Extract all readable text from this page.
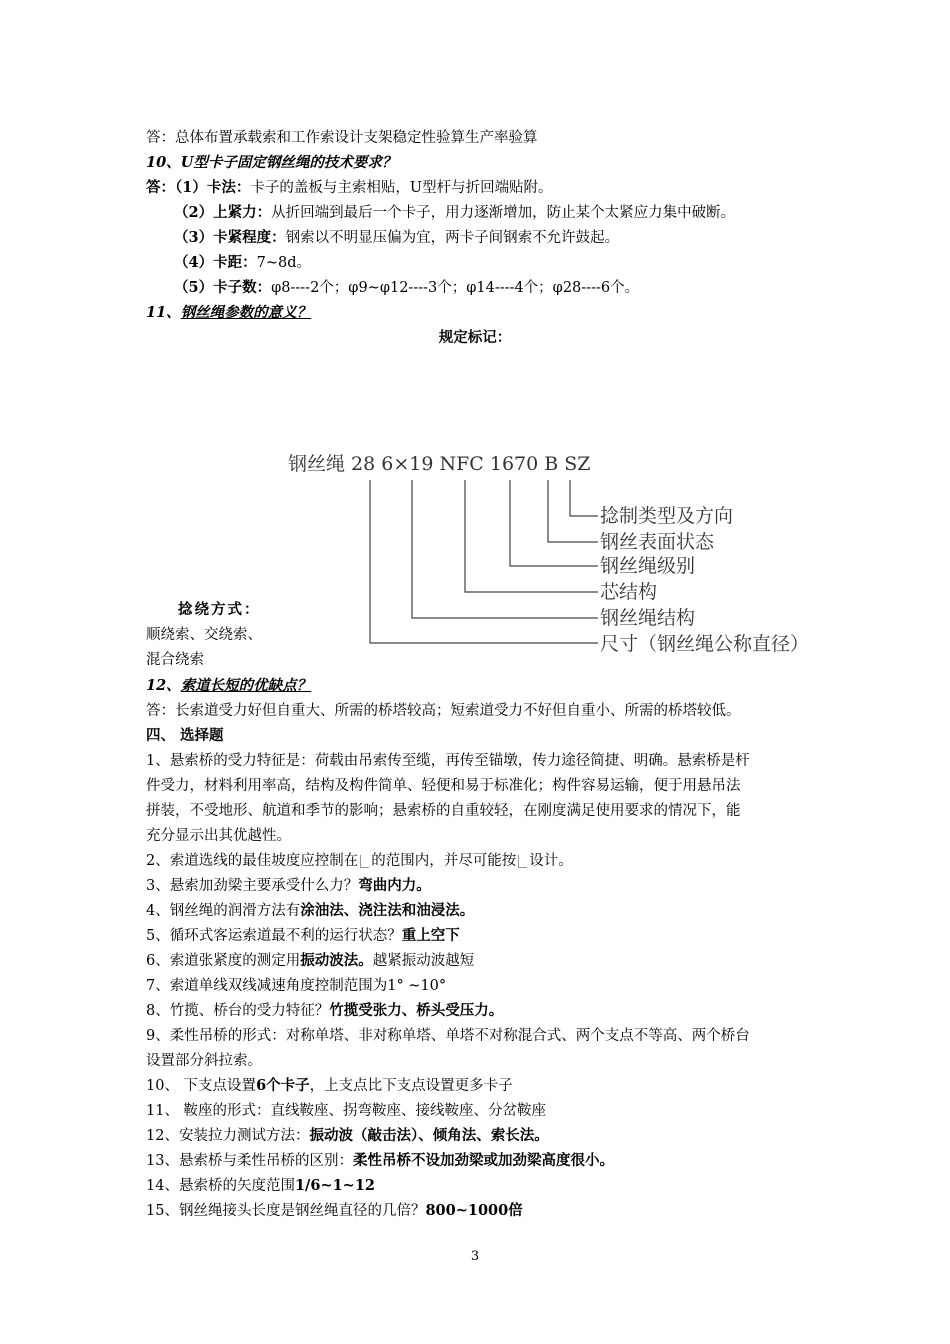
答：总体布置承载索和工作索设计支架稳定性验算生产率验算
10、U型卡子固定钢丝绳的技术要求？
答：（1）卡法：卡子的盖板与主索相贴，U型杆与折回端贴附。
（2）上紧力：从折回端到最后一个卡子，用力逐渐增加，防止某个太紧应力集中破断。
（3）卡紧程度：钢索以不明显压偏为宜，两卡子间钢索不允许鼓起。
（4）卡距：7~8d。
（5）卡子数：φ8----2个；φ9~φ12----3个；φ14----4个；φ28----6个。
11、钢丝绳参数的意义？
规定标记：
钢丝绳 28 6×19 NFC 1670 B SZ
捻制类型及方向
钢丝表面状态
钢丝绳级别
芯结构
钢丝绳结构
尺寸（钢丝绳公称直径）
捻绕方式：
顺绕索、交绕索、
混合绕索
12、索道长短的优缺点？
答：长索道受力好但自重大、所需的桥塔较高；短索道受力不好但自重小、所需的桥塔较低。
四、 选择题
1、悬索桥的受力特征是：荷载由吊索传至缆，再传至锚墩，传力途径简捷、明确。悬索桥是杆
件受力，材料利用率高，结构及构件简单、轻便和易于标准化；构件容易运输，便于用悬吊法
拼装，不受地形、航道和季节的影响；悬索桥的自重较轻，在刚度满足使用要求的情况下，能
充分显示出其优越性。
2、索道选线的最佳坡度应控制在 的范围内，并尽可能按 设计。
3、悬索加劲梁主要承受什么力？弯曲内力。
4、钢丝绳的润滑方法有涂油法、浇注法和油浸法。
5、循环式客运索道最不利的运行状态？重上空下
6、索道张紧度的测定用振动波法。越紧振动波越短
7、索道单线双线减速角度控制范围为1° ~10°
8、竹揽、桥台的受力特征？竹揽受张力、桥头受压力。
9、柔性吊桥的形式：对称单塔、非对称单塔、单塔不对称混合式、两个支点不等高、两个桥台
设置部分斜拉索。
10、 下支点设置6个卡子，上支点比下支点设置更多卡子
11、 鞍座的形式：直线鞍座、拐弯鞍座、接线鞍座、分岔鞍座
12、安装拉力测试方法：振动波（敲击法）、倾角法、索长法。
13、悬索桥与柔性吊桥的区别：柔性吊桥不设加劲梁或加劲梁高度很小。
14、悬索桥的矢度范围1/6~1~12
15、钢丝绳接头长度是钢丝绳直径的几倍？800~1000倍
3
